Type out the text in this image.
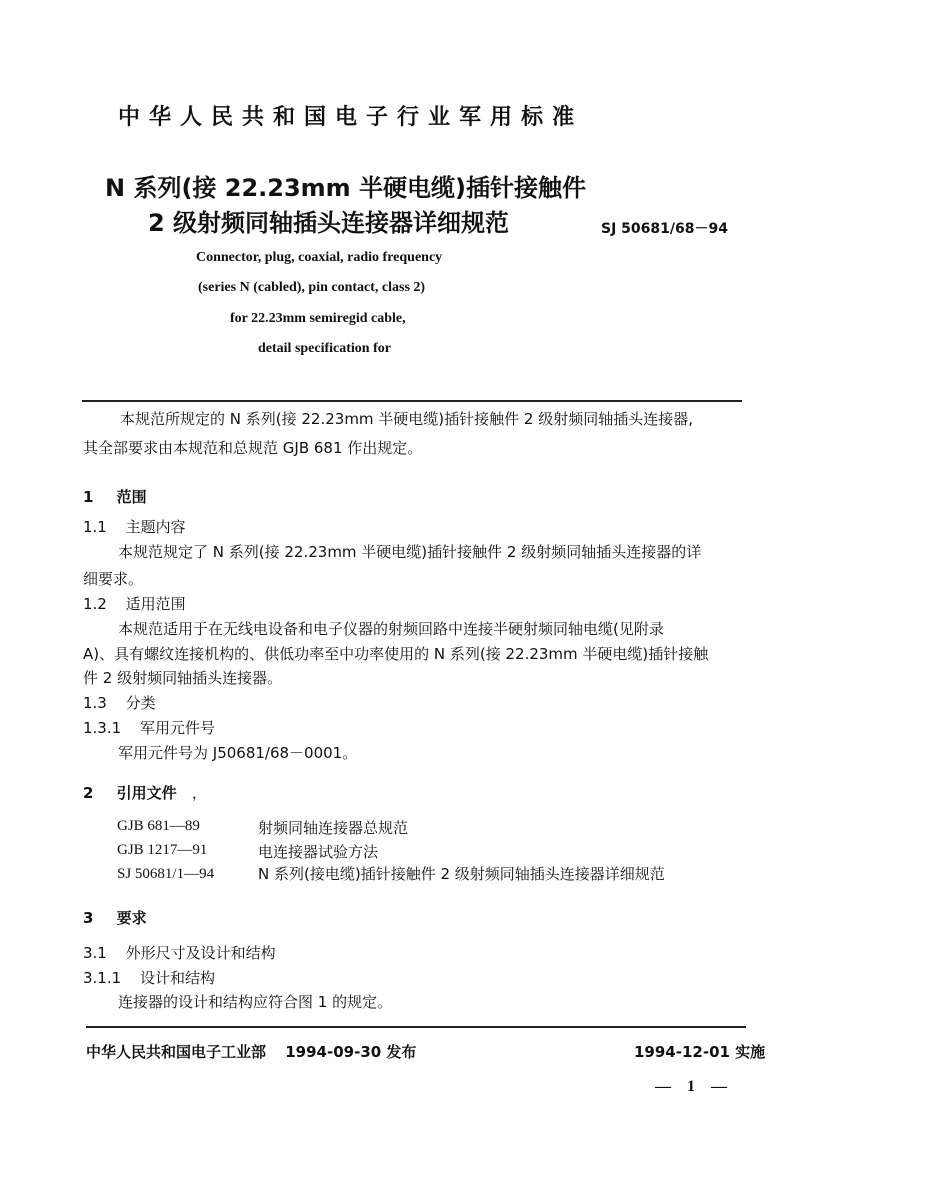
中华人民共和国电子行业军用标准
N 系列(接 22.23mm 半硬电缆)插针接触件
2 级射频同轴插头连接器详细规范	SJ 50681/68－94
Connector, plug, coaxial, radio frequency
(series N (cabled), pin contact, class 2)
for 22.23mm semiregid cable,
detail specification for
本规范所规定的 N 系列(接 22.23mm 半硬电缆)插针接触件 2 级射频同轴插头连接器,
其全部要求由本规范和总规范 GJB 681 作出规定。
1 范围
1.1 主题内容
本规范规定了 N 系列(接 22.23mm 半硬电缆)插针接触件 2 级射频同轴插头连接器的详
细要求。
1.2 适用范围
本规范适用于在无线电设备和电子仪器的射频回路中连接半硬射频同轴电缆(见附录
A)、具有螺纹连接机构的、供低功率至中功率使用的 N 系列(接 22.23mm 半硬电缆)插针接触
件 2 级射频同轴插头连接器。
1.3 分类
1.3.1 军用元件号
军用元件号为 J50681/68－0001。
2 引用文件 ，
GJB 681—89	射频同轴连接器总规范
GJB 1217—91	电连接器试验方法
SJ 50681/1—94	N 系列(接电缆)插针接触件 2 级射频同轴插头连接器详细规范
3 要求
3.1 外形尺寸及设计和结构
3.1.1 设计和结构
连接器的设计和结构应符合图 1 的规定。
中华人民共和国电子工业部 1994-09-30 发布	1994-12-01 实施
— 1 —
